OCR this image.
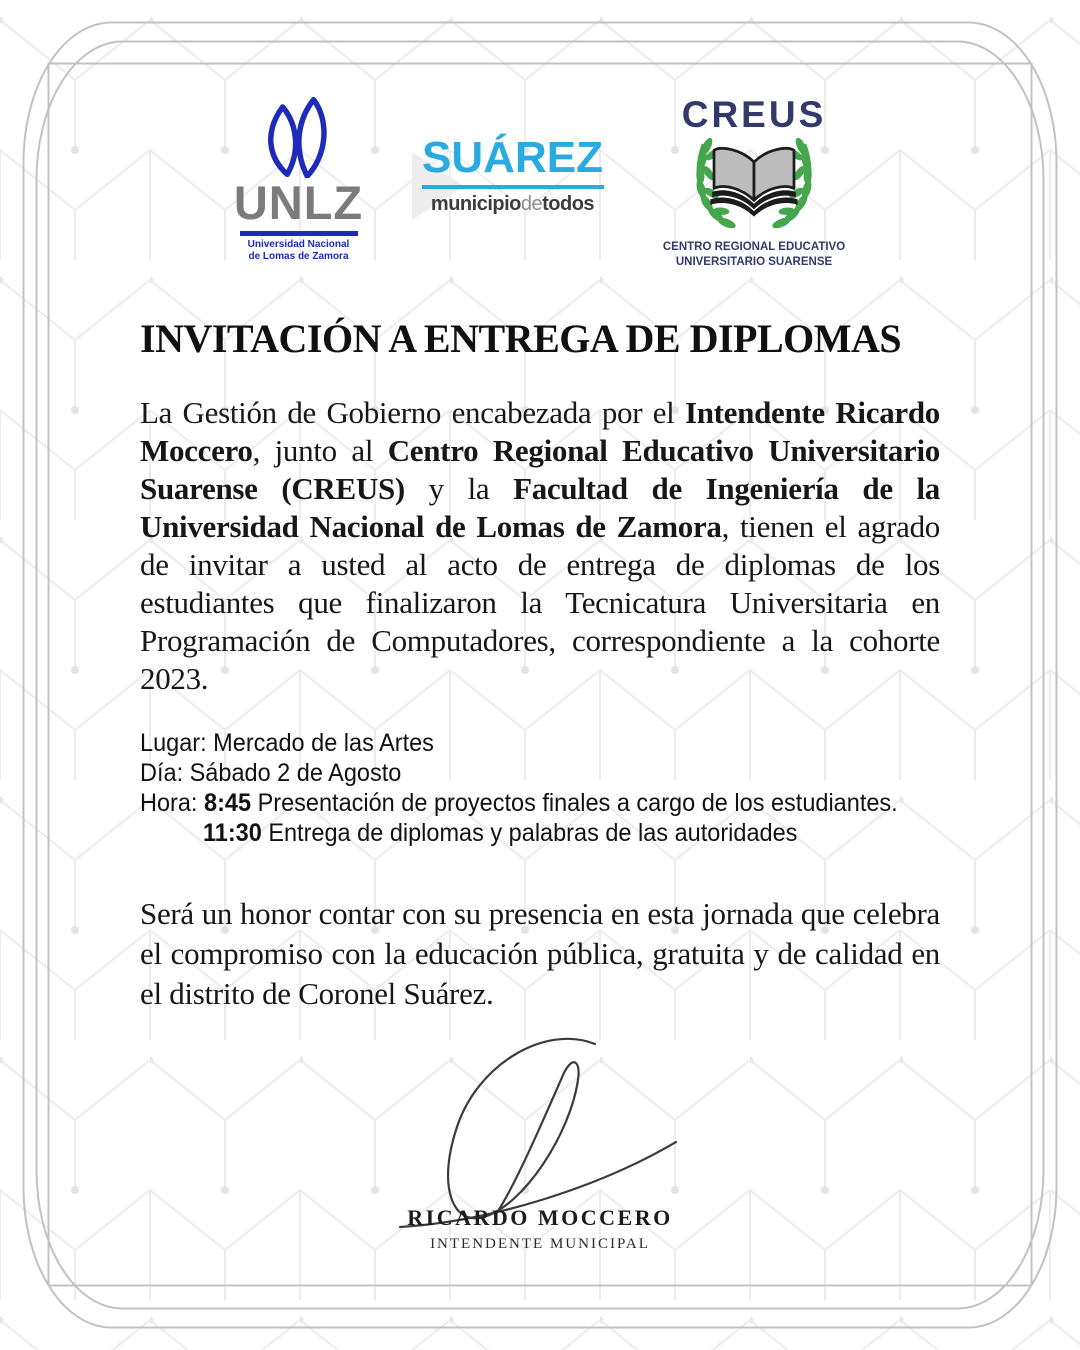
UNLZ
Universidad Nacional
de Lomas de Zamora
SUÁREZ
municipiodetodos
CREUS
CENTRO REGIONAL EDUCATIVO
UNIVERSITARIO SUARENSE
INVITACIÓN A ENTREGA DE DIPLOMAS

La Gestión de Gobierno encabezada por el Intendente Ricardo Moccero, junto al Centro Regional Educativo Universitario Suarense (CREUS) y la Facultad de Ingeniería de la Universidad Nacional de Lomas de Zamora, tienen el agrado de invitar a usted al acto de entrega de diplomas de los estudiantes que finalizaron la Tecnicatura Universitaria en Programación de Computadores, correspondiente a la cohorte 2023.

Lugar: Mercado de las Artes
Día: Sábado 2 de Agosto
Hora: 8:45 Presentación de proyectos finales a cargo de los estudiantes.
11:30 Entrega de diplomas y palabras de las autoridades

Será un honor contar con su presencia en esta jornada que celebra el compromiso con la educación pública, gratuita y de calidad en el distrito de Coronel Suárez.

RICARDO MOCCERO
INTENDENTE MUNICIPAL
